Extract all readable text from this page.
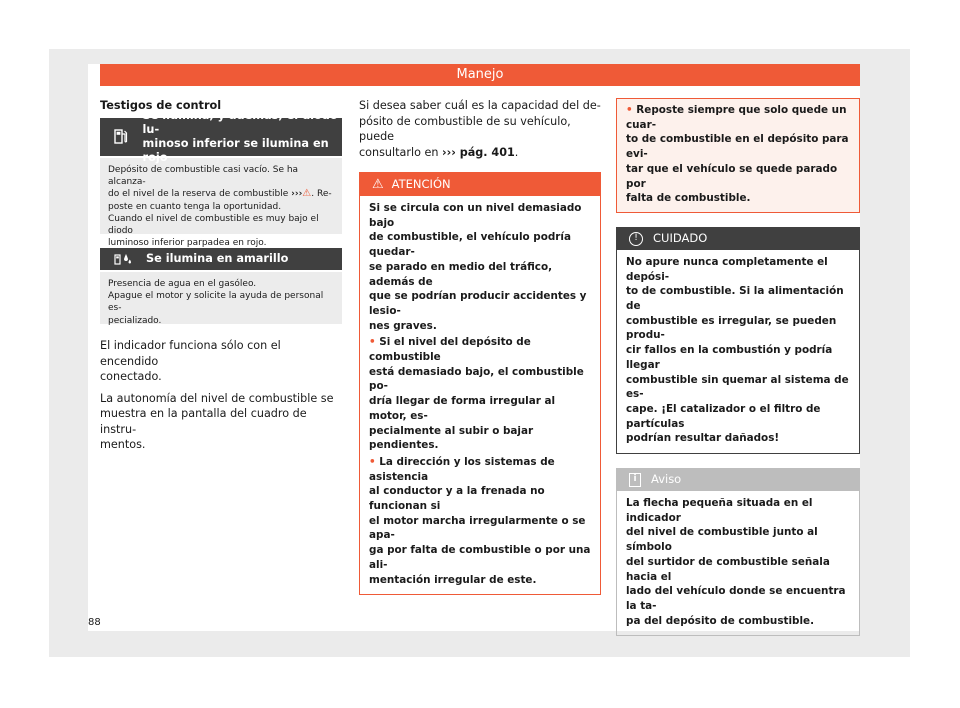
Manejo
Testigos de control
Se ilumina, y además, el diodo lu-
minoso inferior se ilumina en rojo
Depósito de combustible casi vacío. Se ha alcanza-
do el nivel de la reserva de combustible ›››⚠. Re-
poste en cuanto tenga la oportunidad.
Cuando el nivel de combustible es muy bajo el diodo
luminoso inferior parpadea en rojo.
Se ilumina en amarillo
Presencia de agua en el gasóleo.
Apague el motor y solicite la ayuda de personal es-
pecializado.
El indicador funciona sólo con el encendido
conectado.
La autonomía del nivel de combustible se
muestra en la pantalla del cuadro de instru-
mentos.
Si desea saber cuál es la capacidad del de-
pósito de combustible de su vehículo, puede
consultarlo en ››› pág. 401.
⚠ ATENCIÓN
Si se circula con un nivel demasiado bajo
de combustible, el vehículo podría quedar-
se parado en medio del tráfico, además de
que se podrían producir accidentes y lesio-
nes graves.
• Si el nivel del depósito de combustible
está demasiado bajo, el combustible po-
dría llegar de forma irregular al motor, es-
pecialmente al subir o bajar pendientes.
• La dirección y los sistemas de asistencia
al conductor y a la frenada no funcionan si
el motor marcha irregularmente o se apa-
ga por falta de combustible o por una ali-
mentación irregular de este.
• Reposte siempre que solo quede un cuar-
to de combustible en el depósito para evi-
tar que el vehículo se quede parado por
falta de combustible.
!	CUIDADO
No apure nunca completamente el depósi-
to de combustible. Si la alimentación de
combustible es irregular, se pueden produ-
cir fallos en la combustión y podría llegar
combustible sin quemar al sistema de es-
cape. ¡El catalizador o el filtro de partículas
podrían resultar dañados!
i	Aviso
La flecha pequeña situada en el indicador
del nivel de combustible junto al símbolo
del surtidor de combustible señala hacia el
lado del vehículo donde se encuentra la ta-
pa del depósito de combustible.
88
